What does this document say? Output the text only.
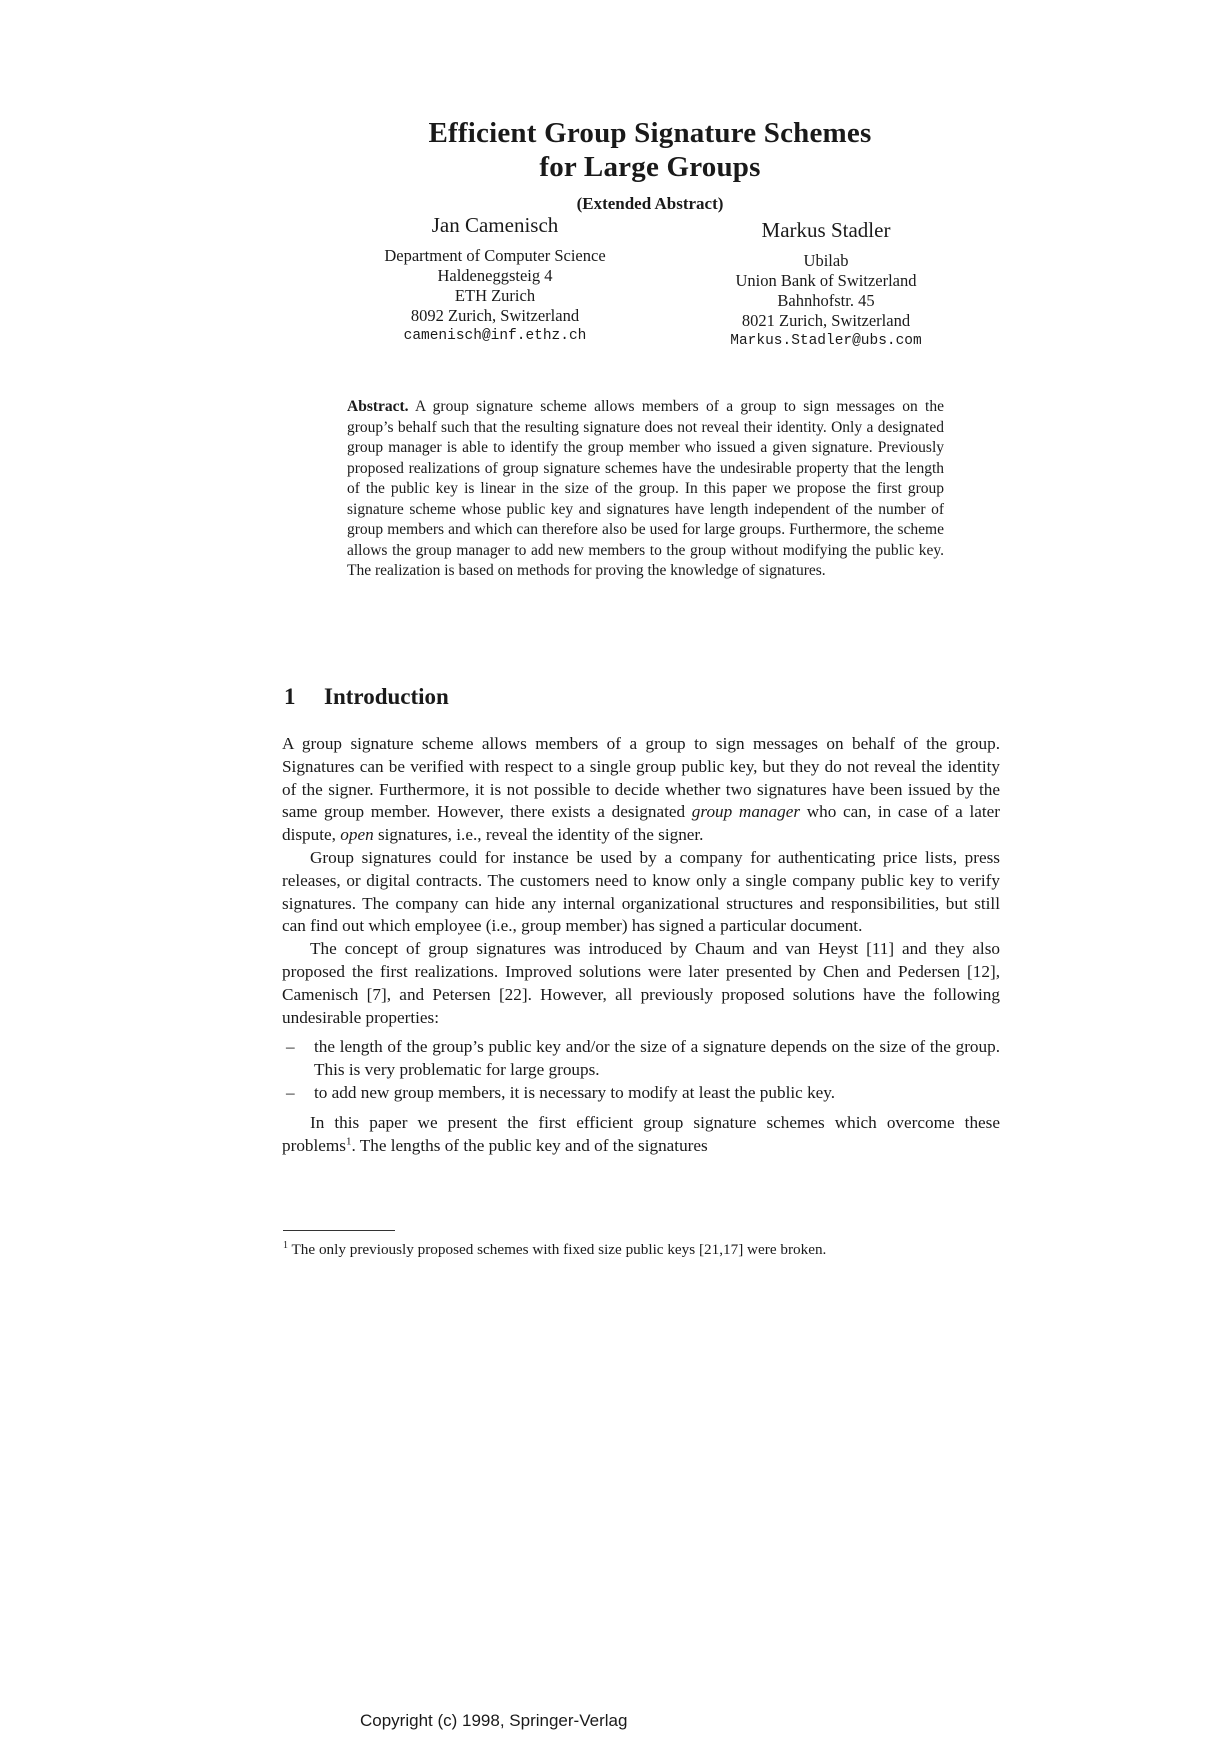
Efficient Group Signature Schemes
for Large Groups
(Extended Abstract)
Jan Camenisch
Department of Computer Science
Haldeneggsteig 4
ETH Zurich
8092 Zurich, Switzerland
camenisch@inf.ethz.ch
Markus Stadler
Ubilab
Union Bank of Switzerland
Bahnhofstr. 45
8021 Zurich, Switzerland
Markus.Stadler@ubs.com
Abstract. A group signature scheme allows members of a group to sign messages on the group’s behalf such that the resulting signature does not reveal their identity. Only a designated group manager is able to identify the group member who issued a given signature. Previously proposed realizations of group signature schemes have the undesirable property that the length of the public key is linear in the size of the group. In this paper we propose the first group signature scheme whose public key and signatures have length independent of the number of group members and which can therefore also be used for large groups. Furthermore, the scheme allows the group manager to add new members to the group without modifying the public key. The realization is based on methods for proving the knowledge of signatures.
1 Introduction

A group signature scheme allows members of a group to sign messages on behalf of the group. Signatures can be verified with respect to a single group public key, but they do not reveal the identity of the signer. Furthermore, it is not possible to decide whether two signatures have been issued by the same group member. However, there exists a designated group manager who can, in case of a later dispute, open signatures, i.e., reveal the identity of the signer.

Group signatures could for instance be used by a company for authenticating price lists, press releases, or digital contracts. The customers need to know only a single company public key to verify signatures. The company can hide any internal organizational structures and responsibilities, but still can find out which employee (i.e., group member) has signed a particular document.

The concept of group signatures was introduced by Chaum and van Heyst [11] and they also proposed the first realizations. Improved solutions were later presented by Chen and Pedersen [12], Camenisch [7], and Petersen [22]. However, all previously proposed solutions have the following undesirable properties:

– the length of the group’s public key and/or the size of a signature depends on the size of the group. This is very problematic for large groups.
– to add new group members, it is necessary to modify at least the public key.

In this paper we present the first efficient group signature schemes which overcome these problems$^1$. The lengths of the public key and of the signatures

$^1$ The only previously proposed schemes with fixed size public keys [21,17] were broken.
Copyright (c) 1998, Springer-Verlag
